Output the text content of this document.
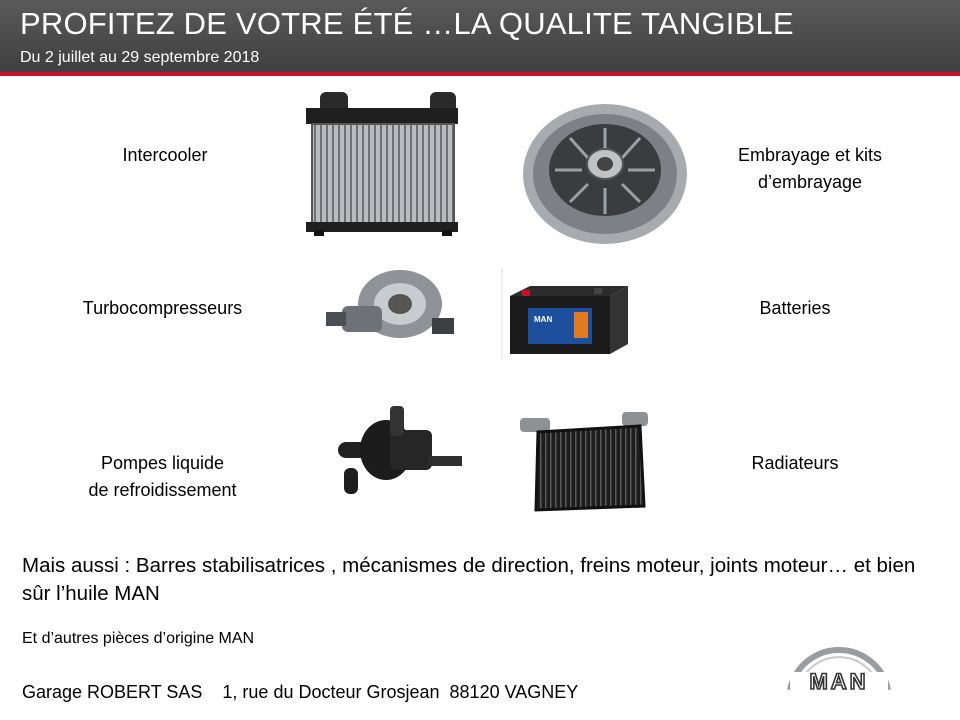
PROFITEZ DE VOTRE ÉTÉ …LA QUALITE TANGIBLE
Du 2 juillet au 29 septembre 2018
Intercooler	Embrayage et kits
d’embrayage
Turbocompresseurs	Batteries
Pompes liquide
de refroidissement
Radiateurs
MAN
Mais aussi : Barres stabilisatrices , mécanismes de direction, freins moteur, joints moteur… et bien sûr l’huile MAN
Et d’autres pièces d’origine MAN
Garage ROBERT SAS    1, rue du Docteur Grosjean  88120 VAGNEY	MAN
